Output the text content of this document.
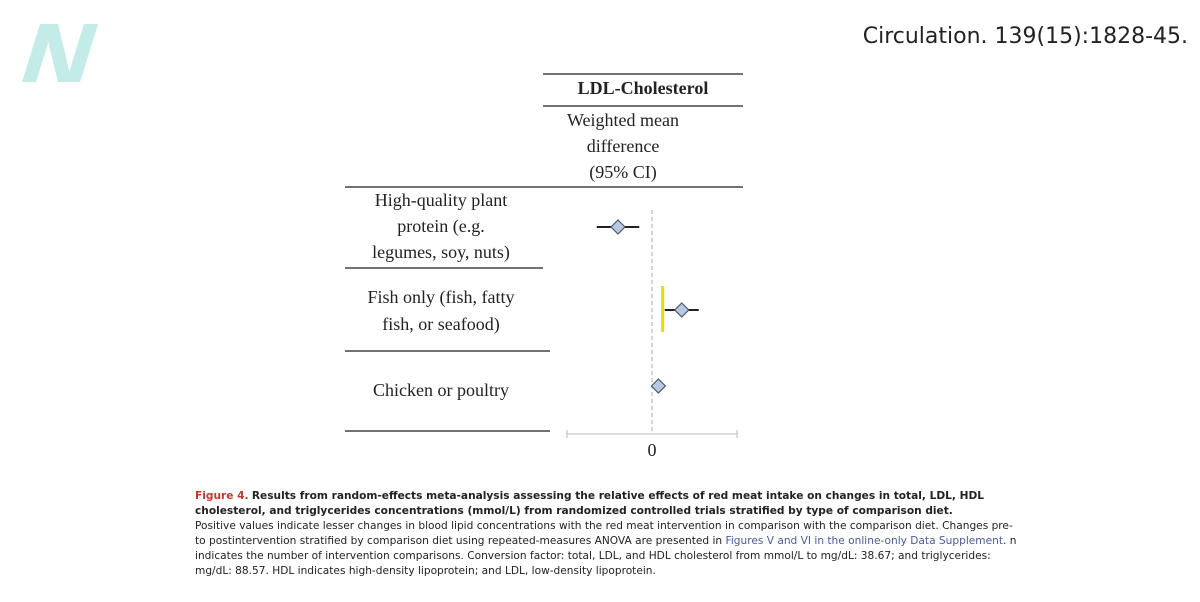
Circulation. 139(15):1828-45.
LDL-Cholesterol
Weighted mean
difference
(95% CI)
High-quality plant
protein (e.g.
legumes, soy, nuts)
Fish only (fish, fatty
fish, or seafood)
Chicken or poultry
0
Figure 4. Results from random-effects meta-analysis assessing the relative effects of red meat intake on changes in total, LDL, HDL cholesterol, and triglycerides concentrations (mmol/L) from randomized controlled trials stratified by type of comparison diet.
Positive values indicate lesser changes in blood lipid concentrations with the red meat intervention in comparison with the comparison diet. Changes pre- to postintervention stratified by comparison diet using repeated-measures ANOVA are presented in Figures V and VI in the online-only Data Supplement. n indicates the number of intervention comparisons. Conversion factor: total, LDL, and HDL cholesterol from mmol/L to mg/dL: 38.67; and triglycerides: mg/dL: 88.57. HDL indicates high-density lipoprotein; and LDL, low-density lipoprotein.
